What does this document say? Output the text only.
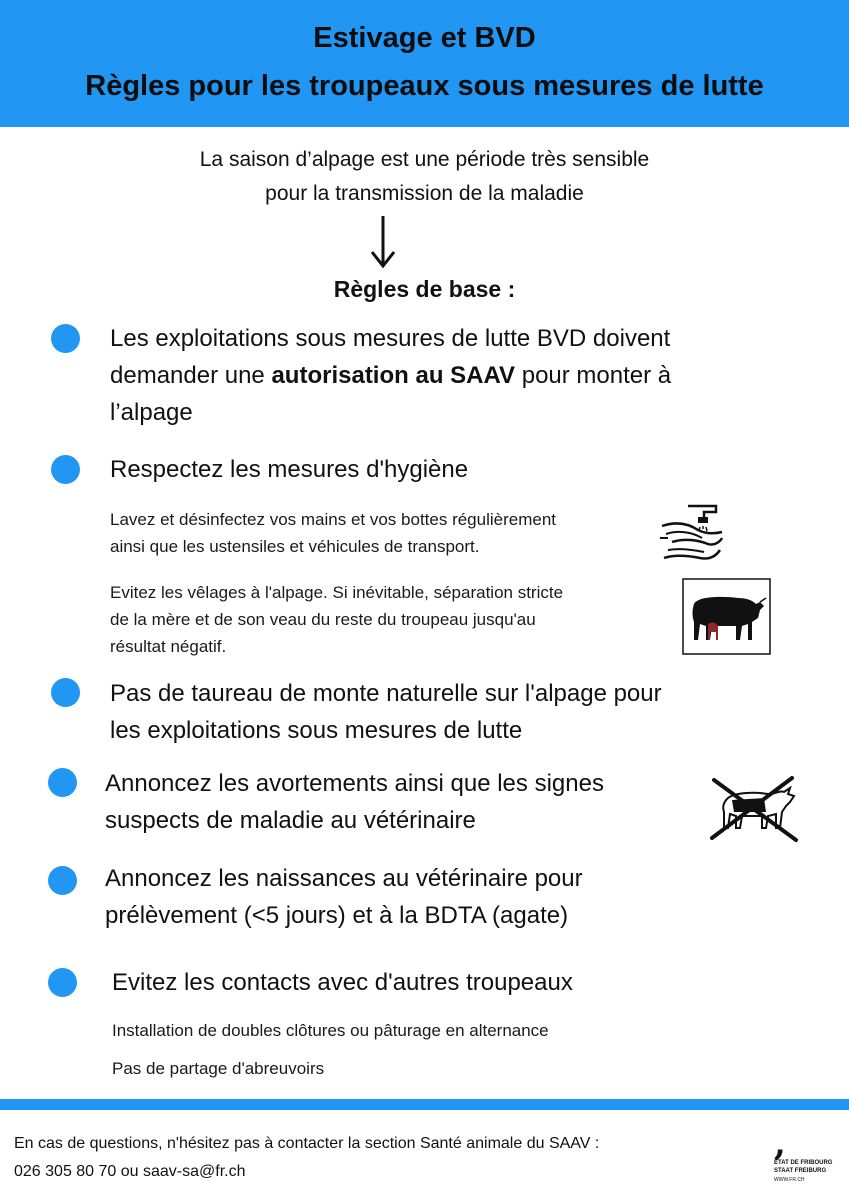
Estivage et BVD
Règles pour les troupeaux sous mesures de lutte
La saison d’alpage est une période très sensible
pour la transmission de la maladie
Règles de base :
Les exploitations sous mesures de lutte BVD doivent
demander une autorisation au SAAV pour monter à
l’alpage
Respectez les mesures d'hygiène
Lavez et désinfectez vos mains et vos bottes régulièrement
ainsi que les ustensiles et véhicules de transport.
Evitez les vêlages à l'alpage. Si inévitable, séparation stricte
de la mère et de son veau du reste du troupeau jusqu'au
résultat négatif.
Pas de taureau de monte naturelle sur l'alpage pour
les exploitations sous mesures de lutte
Annoncez les avortements ainsi que les signes
suspects de maladie au vétérinaire
Annoncez les naissances au vétérinaire pour
prélèvement (<5 jours) et à la BDTA (agate)
Evitez les contacts avec d'autres troupeaux
Installation de doubles clôtures ou pâturage en alternance
Pas de partage d'abreuvoirs
En cas de questions, n'hésitez pas à contacter la section Santé animale du SAAV :
026 305 80 70 ou saav-sa@fr.ch
,
ETAT DE FRIBOURG
STAAT FREIBURG
WWW.FR.CH
